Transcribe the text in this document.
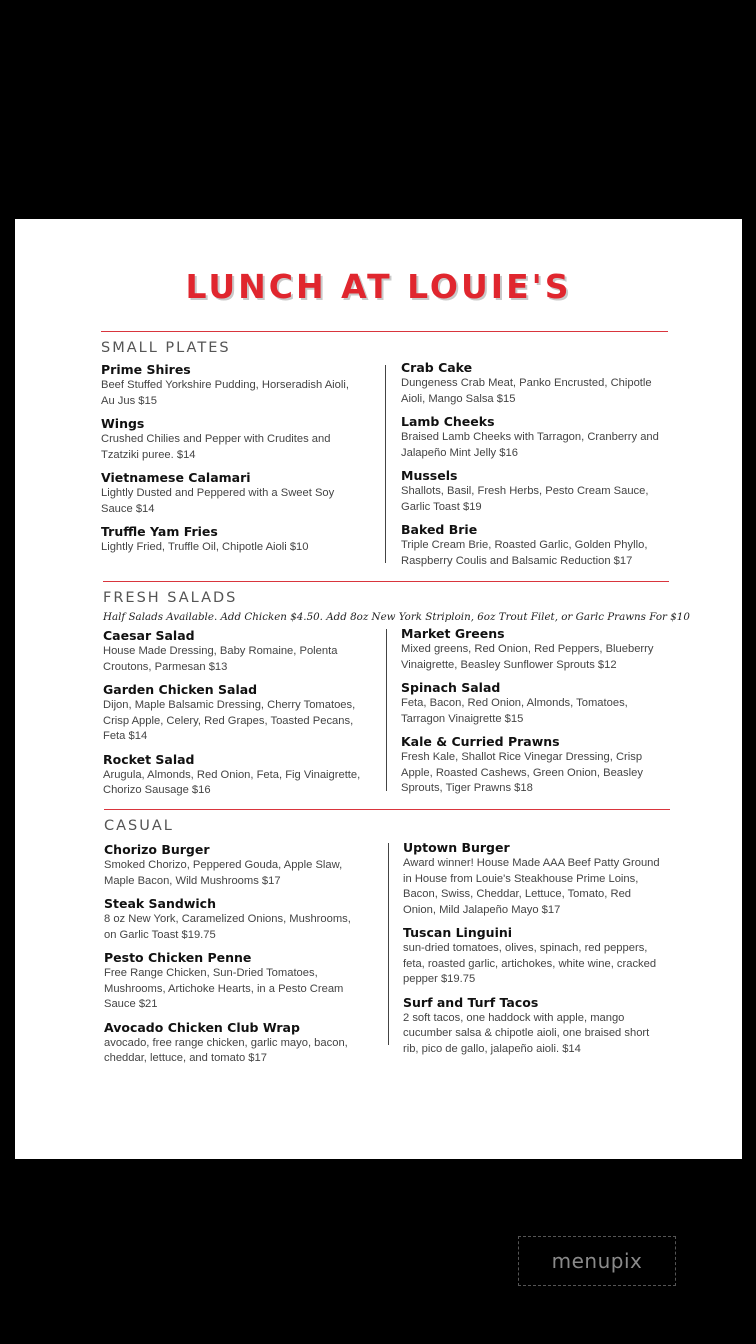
LUNCH AT LOUIE'S
SMALL PLATES
Prime Shires
Beef Stuffed Yorkshire Pudding, Horseradish Aioli, Au Jus $15
Wings
Crushed Chilies and Pepper with Crudites and Tzatziki puree. $14
Vietnamese Calamari
Lightly Dusted and Peppered with a Sweet Soy Sauce $14
Truffle Yam Fries
Lightly Fried, Truffle Oil, Chipotle Aioli $10
Crab Cake
Dungeness Crab Meat, Panko Encrusted, Chipotle Aioli, Mango Salsa $15
Lamb Cheeks
Braised Lamb Cheeks with Tarragon, Cranberry and Jalapeño Mint Jelly $16
Mussels
Shallots, Basil, Fresh Herbs, Pesto Cream Sauce, Garlic Toast $19
Baked Brie
Triple Cream Brie, Roasted Garlic, Golden Phyllo, Raspberry Coulis and Balsamic Reduction $17
FRESH SALADS
Half Salads Available. Add Chicken $4.50. Add 8oz New York Striploin, 6oz Trout Filet, or Garlc Prawns For $10
Caesar Salad
House Made Dressing, Baby Romaine, Polenta Croutons, Parmesan $13
Garden Chicken Salad
Dijon, Maple Balsamic Dressing, Cherry Tomatoes, Crisp Apple, Celery, Red Grapes, Toasted Pecans, Feta $14
Rocket Salad
Arugula, Almonds, Red Onion, Feta, Fig Vinaigrette, Chorizo Sausage $16
Market Greens
Mixed greens, Red Onion, Red Peppers, Blueberry Vinaigrette, Beasley Sunflower Sprouts $12
Spinach Salad
Feta, Bacon, Red Onion, Almonds, Tomatoes, Tarragon Vinaigrette $15
Kale & Curried Prawns
Fresh Kale, Shallot Rice Vinegar Dressing, Crisp Apple, Roasted Cashews, Green Onion, Beasley Sprouts, Tiger Prawns $18
CASUAL
Chorizo Burger
Smoked Chorizo, Peppered Gouda, Apple Slaw, Maple Bacon, Wild Mushrooms $17
Steak Sandwich
8 oz New York, Caramelized Onions, Mushrooms, on Garlic Toast $19.75
Pesto Chicken Penne
Free Range Chicken, Sun-Dried Tomatoes, Mushrooms, Artichoke Hearts, in a Pesto Cream Sauce $21
Avocado Chicken Club Wrap
avocado, free range chicken, garlic mayo, bacon, cheddar, lettuce, and tomato $17
Uptown Burger
Award winner! House Made AAA Beef Patty Ground in House from Louie's Steakhouse Prime Loins, Bacon, Swiss, Cheddar, Lettuce, Tomato, Red Onion, Mild Jalapeño Mayo $17
Tuscan Linguini
sun-dried tomatoes, olives, spinach, red peppers, feta, roasted garlic, artichokes, white wine, cracked pepper $19.75
Surf and Turf Tacos
2 soft tacos, one haddock with apple, mango cucumber salsa & chipotle aioli, one braised short rib, pico de gallo, jalapeño aioli. $14
menupix
